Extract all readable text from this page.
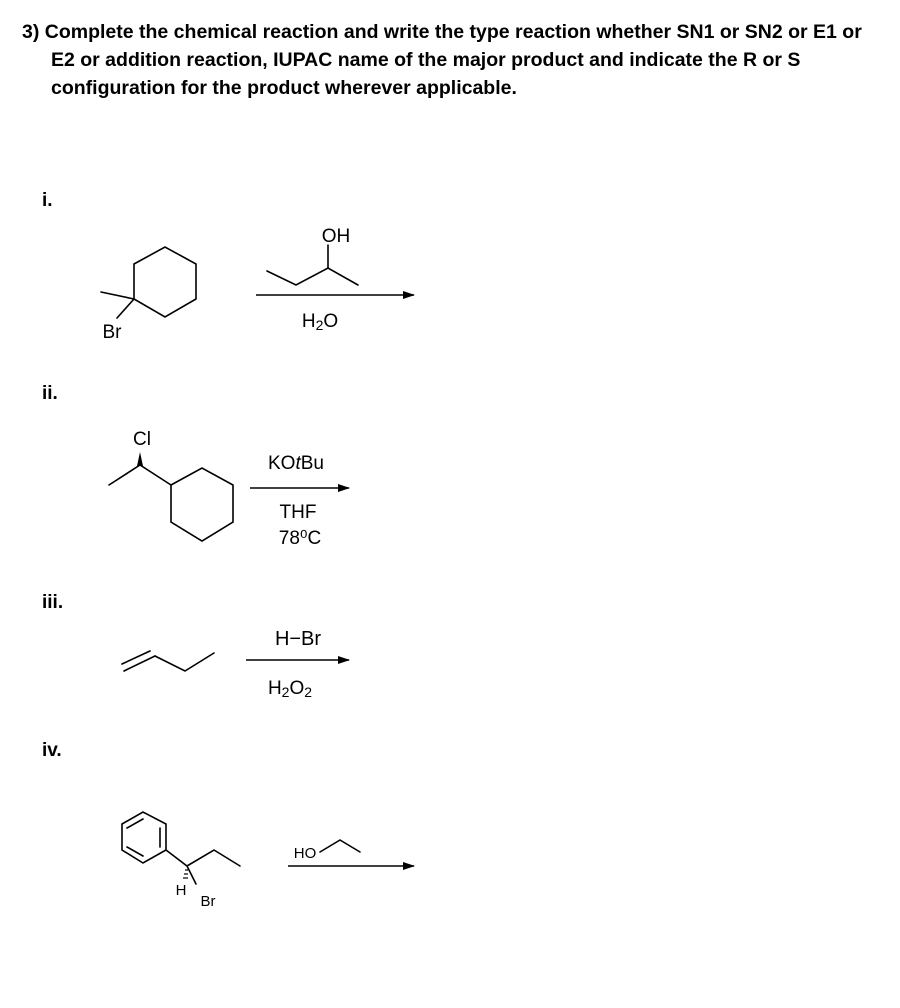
3) Complete the chemical reaction and write the type reaction whether SN1 or SN2 or E1 or
E2 or addition reaction, IUPAC name of the major product and indicate the R or S
configuration for the product wherever applicable.
i.
ii.
iii.
iv.
Br
OH
H2O
Cl
KOtBu
THF
78⁰C
H−Br
H2O2
H
Br
HO
